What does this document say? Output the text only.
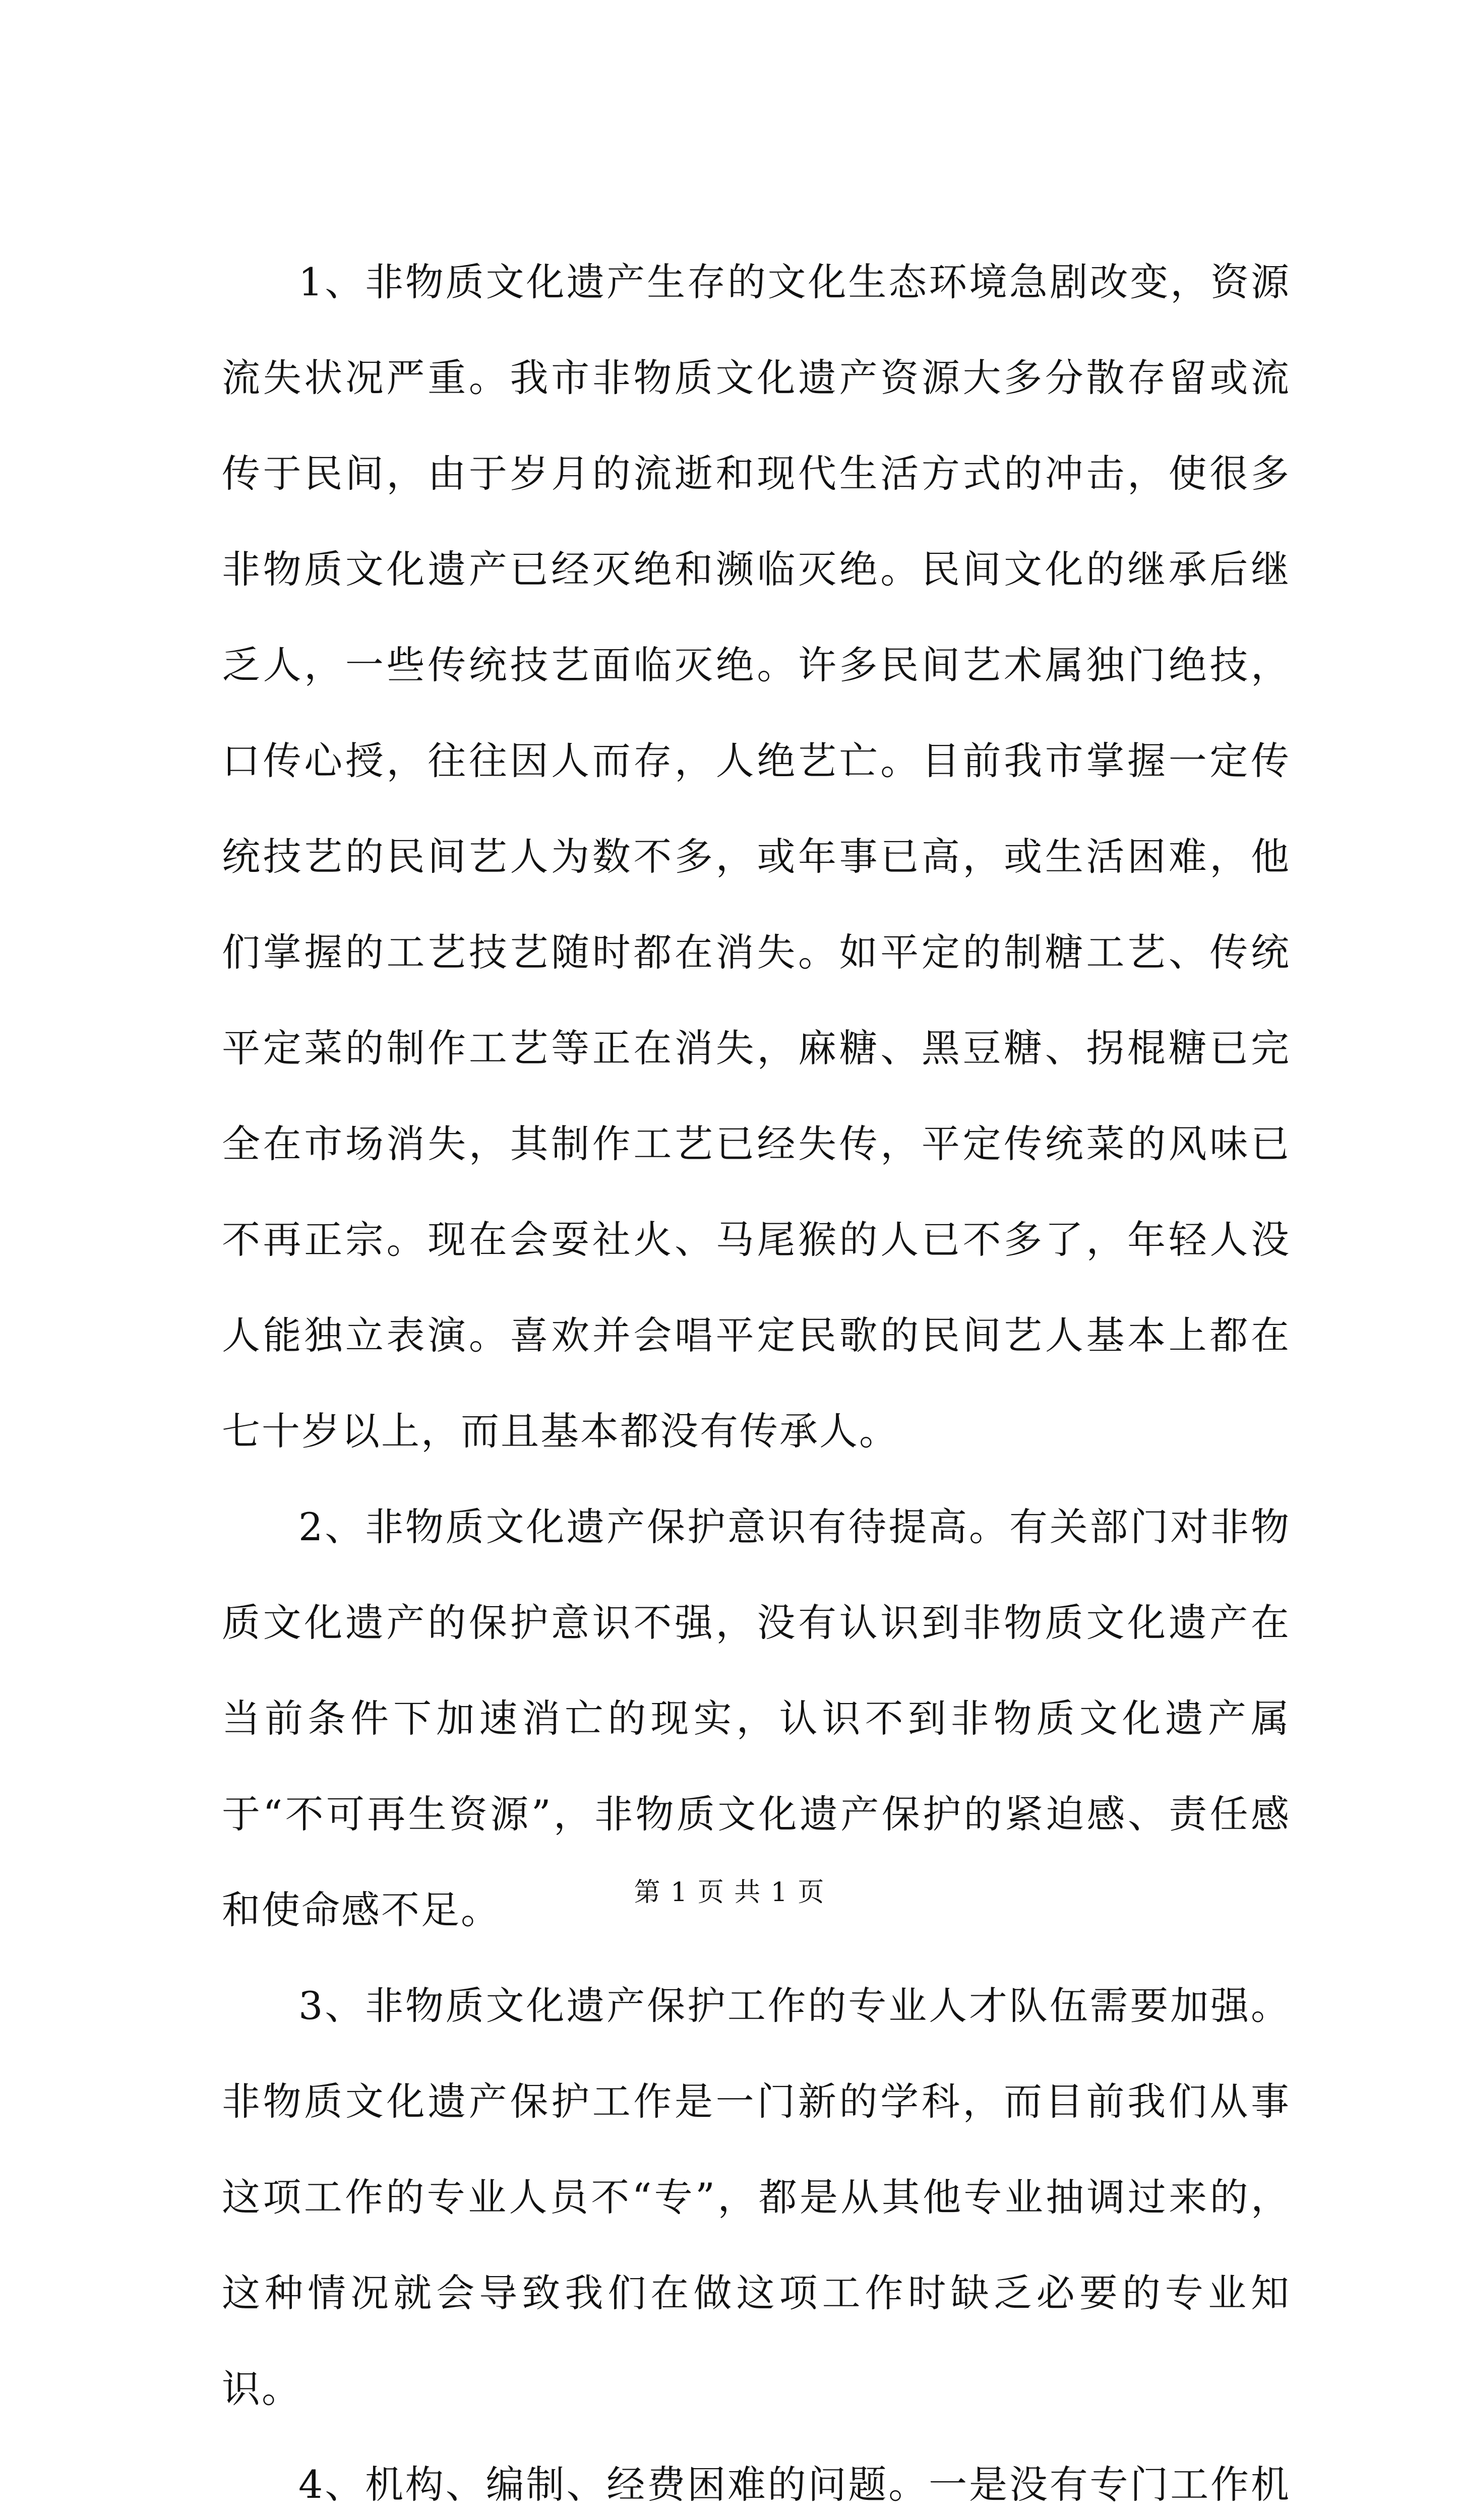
1、非物质文化遗产生存的文化生态环境急剧改变，资源流失状况严重。我市非物质文化遗产资源大多分散存留或流传于民间，由于岁月的流逝和现代生活方式的冲击，使很多非物质文化遗产已经灭绝和濒临灭绝。民间文化的继承后继乏人，一些传统技艺面临灭绝。许多民间艺术属独门绝技，口传心授，往往因人而存，人绝艺亡。目前我市掌握一定传统技艺的民间艺人为数不多，或年事已高，或生活困难，他们掌握的工艺技艺随时都在消失。如平定的制糖工艺、传统平定菜的制作工艺等正在消失，麻糖、黑豆糖、拐棍糖已完全在市场消失，其制作工艺已经失传，平定传统菜的风味已不再正宗。现在会耍社火、马尾猴的人已不多了，年轻人没人能独立表演。喜欢并会唱平定民歌的民间艺人基本上都在七十岁以上，而且基本都没有传承人。

2、非物质文化遗产保护意识有待提高。有关部门对非物质文化遗产的保护意识不强，没有认识到非物质文化遗产在当前条件下加速消亡的现实，认识不到非物质文化遗产属于“不可再生资源”，非物质文化遗产保护的紧迫感、责任感和使命感不足。

3、非物质文化遗产保护工作的专业人才队伍需要加强。非物质文化遗产保护工作是一门新的学科，而目前我们从事这项工作的专业人员不“专”，都是从其他专业抽调过来的，这种情况就会导致我们在做这项工作时缺乏必要的专业知识。

4、机构、编制、经费困难的问题。一是没有专门工作机

第 1 页 共 1 页
